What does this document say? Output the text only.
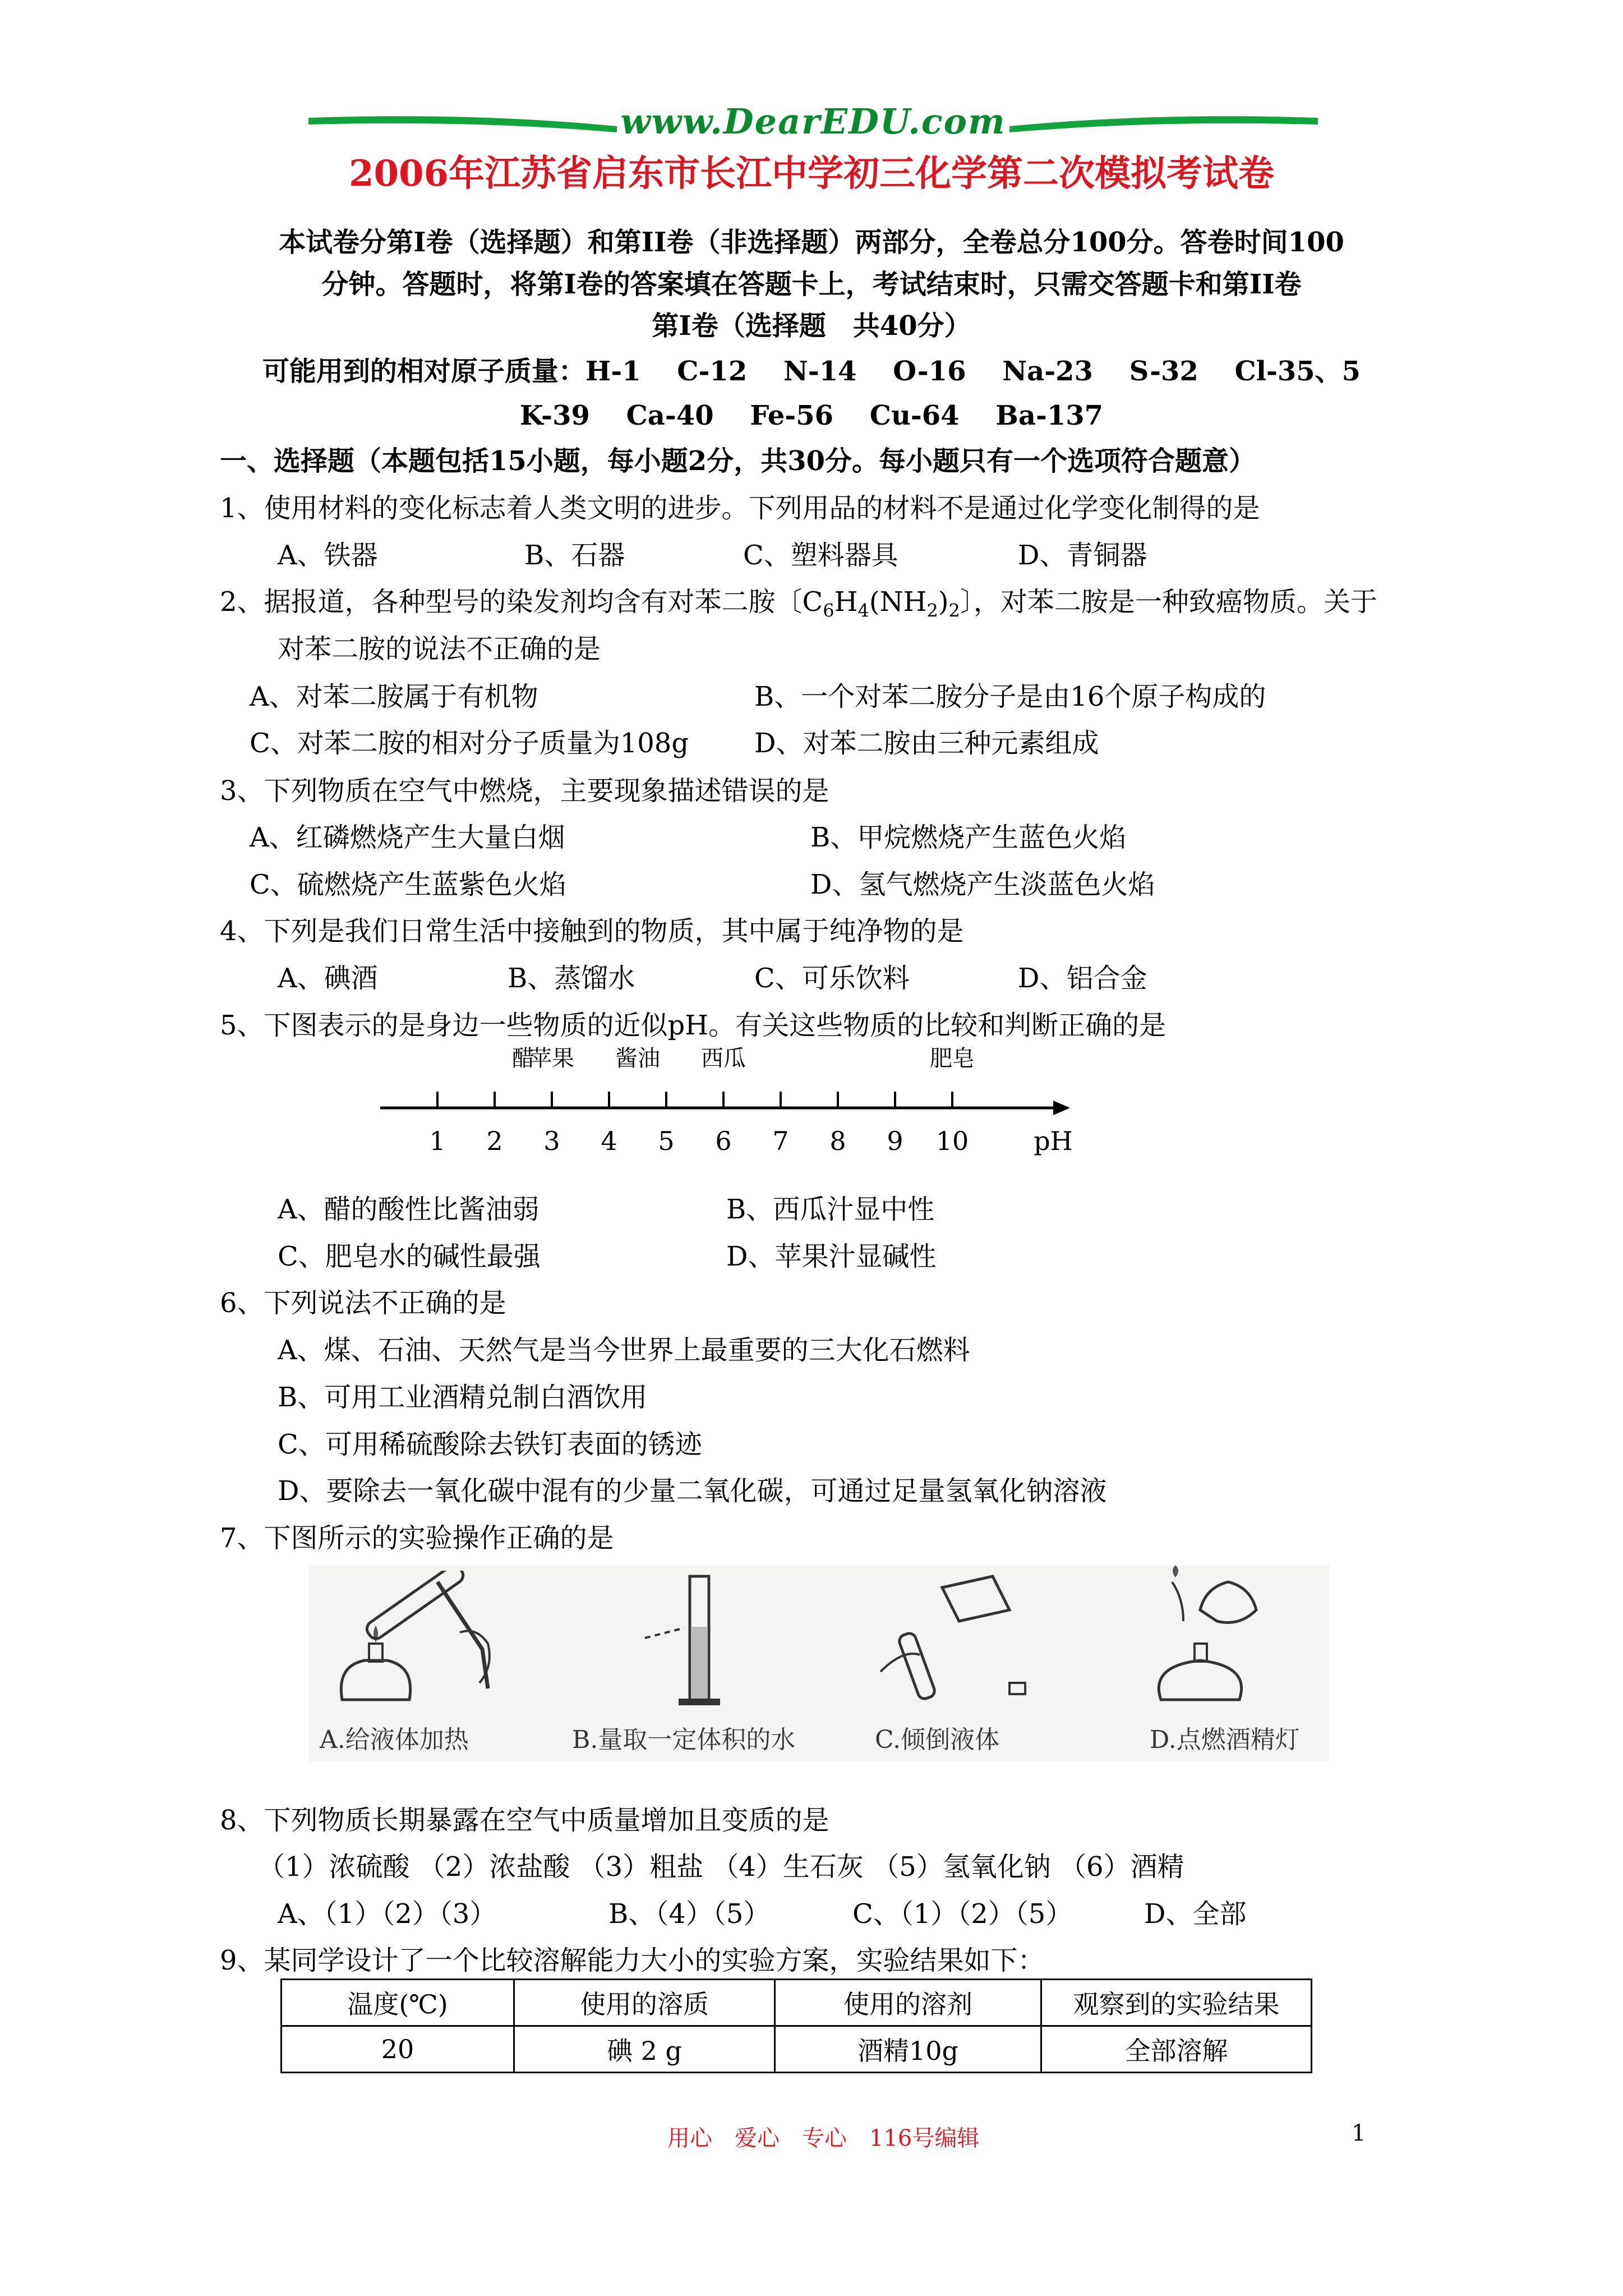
www.DearEDU.com
2006年江苏省启东市长江中学初三化学第二次模拟考试卷
本试卷分第Ⅰ卷（选择题）和第II卷（非选择题）两部分，全卷总分100分。答卷时间100
分钟。答题时，将第Ⅰ卷的答案填在答题卡上，考试结束时，只需交答题卡和第II卷
第Ⅰ卷（选择题　共40分）
可能用到的相对原子质量：H-1　 C-12　 N-14　 O-16　 Na-23　 S-32　 Cl-35、5
K-39　 Ca-40　 Fe-56　 Cu-64　 Ba-137
一、选择题（本题包括15小题，每小题2分，共30分。每小题只有一个选项符合题意）
1、使用材料的变化标志着人类文明的进步。下列用品的材料不是通过化学变化制得的是
A、铁器	B、石器	C、塑料器具	D、青铜器
2、据报道，各种型号的染发剂均含有对苯二胺〔$C_6H_4(NH_2)_2$〕，对苯二胺是一种致癌物质。关于
对苯二胺的说法不正确的是
A、对苯二胺属于有机物	B、一个对苯二胺分子是由16个原子构成的
C、对苯二胺的相对分子质量为108g D、对苯二胺由三种元素组成
3、下列物质在空气中燃烧，主要现象描述错误的是
A、红磷燃烧产生大量白烟	B、甲烷燃烧产生蓝色火焰
C、硫燃烧产生蓝紫色火焰	D、氢气燃烧产生淡蓝色火焰
4、下列是我们日常生活中接触到的物质，其中属于纯净物的是
A、碘酒	B、蒸馏水	C、可乐饮料	D、铝合金
5、下图表示的是身边一些物质的近似pH。有关这些物质的比较和判断正确的是
1 2 3 4 5 6 7 8 9 10
醋
苹果 酱油 西瓜	肥皂
pH
A、醋的酸性比酱油弱	B、西瓜汁显中性
C、肥皂水的碱性最强	D、苹果汁显碱性
6、下列说法不正确的是
A、煤、石油、天然气是当今世界上最重要的三大化石燃料
B、可用工业酒精兑制白酒饮用
C、可用稀硫酸除去铁钉表面的锈迹
D、要除去一氧化碳中混有的少量二氧化碳，可通过足量氢氧化钠溶液
7、下图所示的实验操作正确的是
A.给液体加热	B.量取一定体积的水	C.倾倒液体	D.点燃酒精灯
8、下列物质长期暴露在空气中质量增加且变质的是
（1）浓硫酸 （2）浓盐酸 （3）粗盐 （4）生石灰 （5）氢氧化钠 （6）酒精
A、（1）（2）（3）	B、（4）（5）	C、（1）（2）（5）	D、全部
9、某同学设计了一个比较溶解能力大小的实验方案，实验结果如下：
温度(℃)	使用的溶质	使用的溶剂	观察到的实验结果
20	碘 2 g	酒精10g	全部溶解
用心　爱心　专心　116号编辑	1
